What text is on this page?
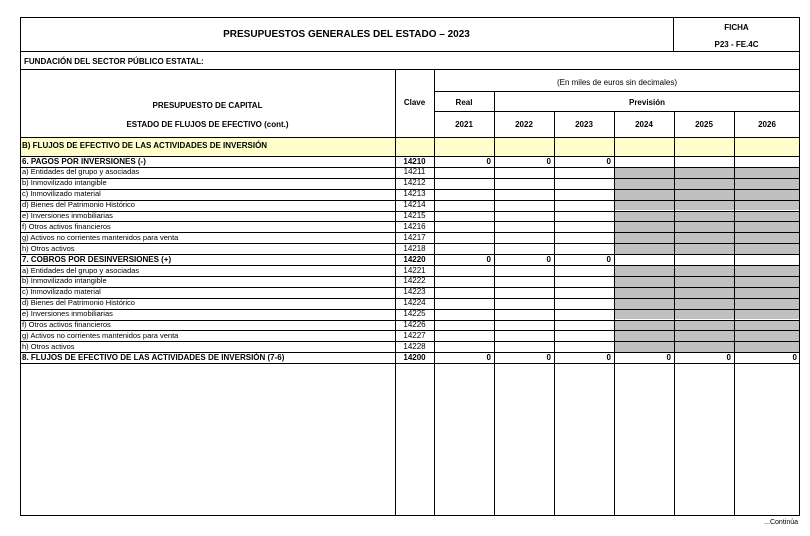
PRESUPUESTOS GENERALES DEL ESTADO – 2023
FICHA
P23 - FE.4C
FUNDACIÓN DEL SECTOR PÚBLICO ESTATAL:
PRESUPUESTO DE CAPITAL
ESTADO DE FLUJOS DE EFECTIVO (cont.)
Clave
(En miles de euros sin decimales)
Real	Previsión
2021	2022	2023	2024	2025	2026
B) FLUJOS DE EFECTIVO DE LAS ACTIVIDADES DE INVERSIÓN
6. PAGOS POR INVERSIONES (-)	14210	0	0	0
a) Entidades del grupo y asociadas	14211
b) Inmovilizado intangible	14212
c) Inmovilizado material	14213
d) Bienes del Patrimonio Histórico	14214
e) Inversiones inmobiliarias	14215
f) Otros activos financieros	14216
g) Activos no corrientes mantenidos para venta	14217
h) Otros activos	14218
7. COBROS POR DESINVERSIONES (+)	14220	0	0	0
a) Entidades del grupo y asociadas	14221
b) Inmovilizado intangible	14222
c) Inmovilizado material	14223
d) Bienes del Patrimonio Histórico	14224
e) Inversiones inmobiliarias	14225
f) Otros activos financieros	14226
g) Activos no corrientes mantenidos para venta	14227
h) Otros activos	14228
8. FLUJOS DE EFECTIVO DE LAS ACTIVIDADES DE INVERSIÓN (7-6)	14200	0	0	0	0	0	0
...Continúa
